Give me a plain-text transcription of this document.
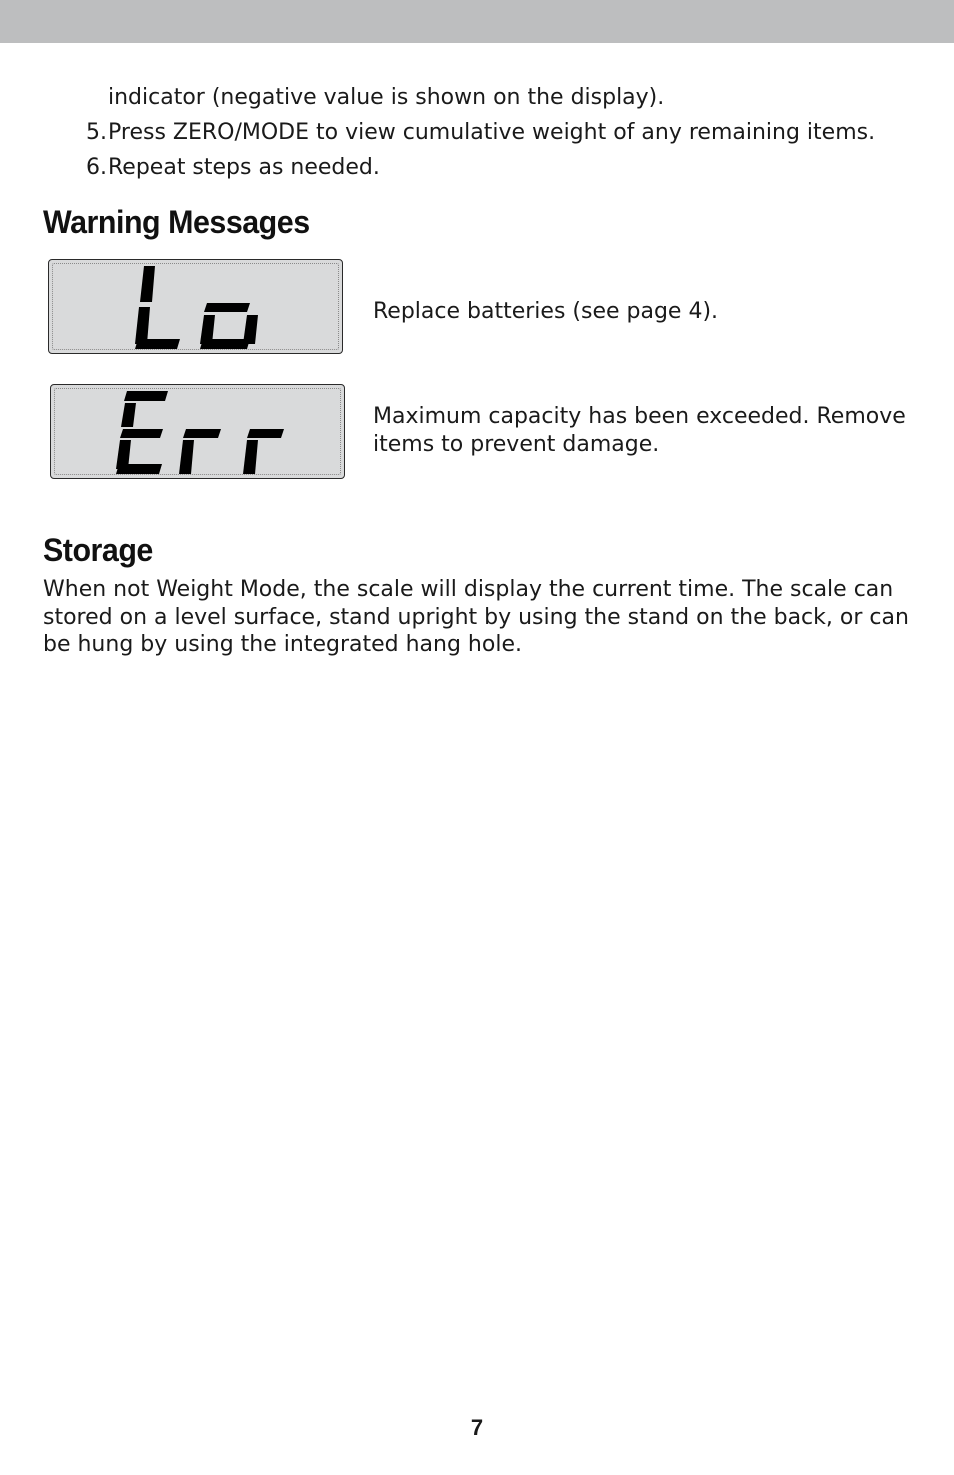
indicator (negative value is shown on the display).
5. Press ZERO/MODE to view cumulative weight of any remaining items.
6. Repeat steps as needed.
Warning Messages

Replace batteries (see page 4).

Maximum capacity has been exceeded. Remove items to prevent damage.

Storage

When not Weight Mode, the scale will display the current time. The scale can stored on a level surface, stand upright by using the stand on the back, or can be hung by using the integrated hang hole.

7
